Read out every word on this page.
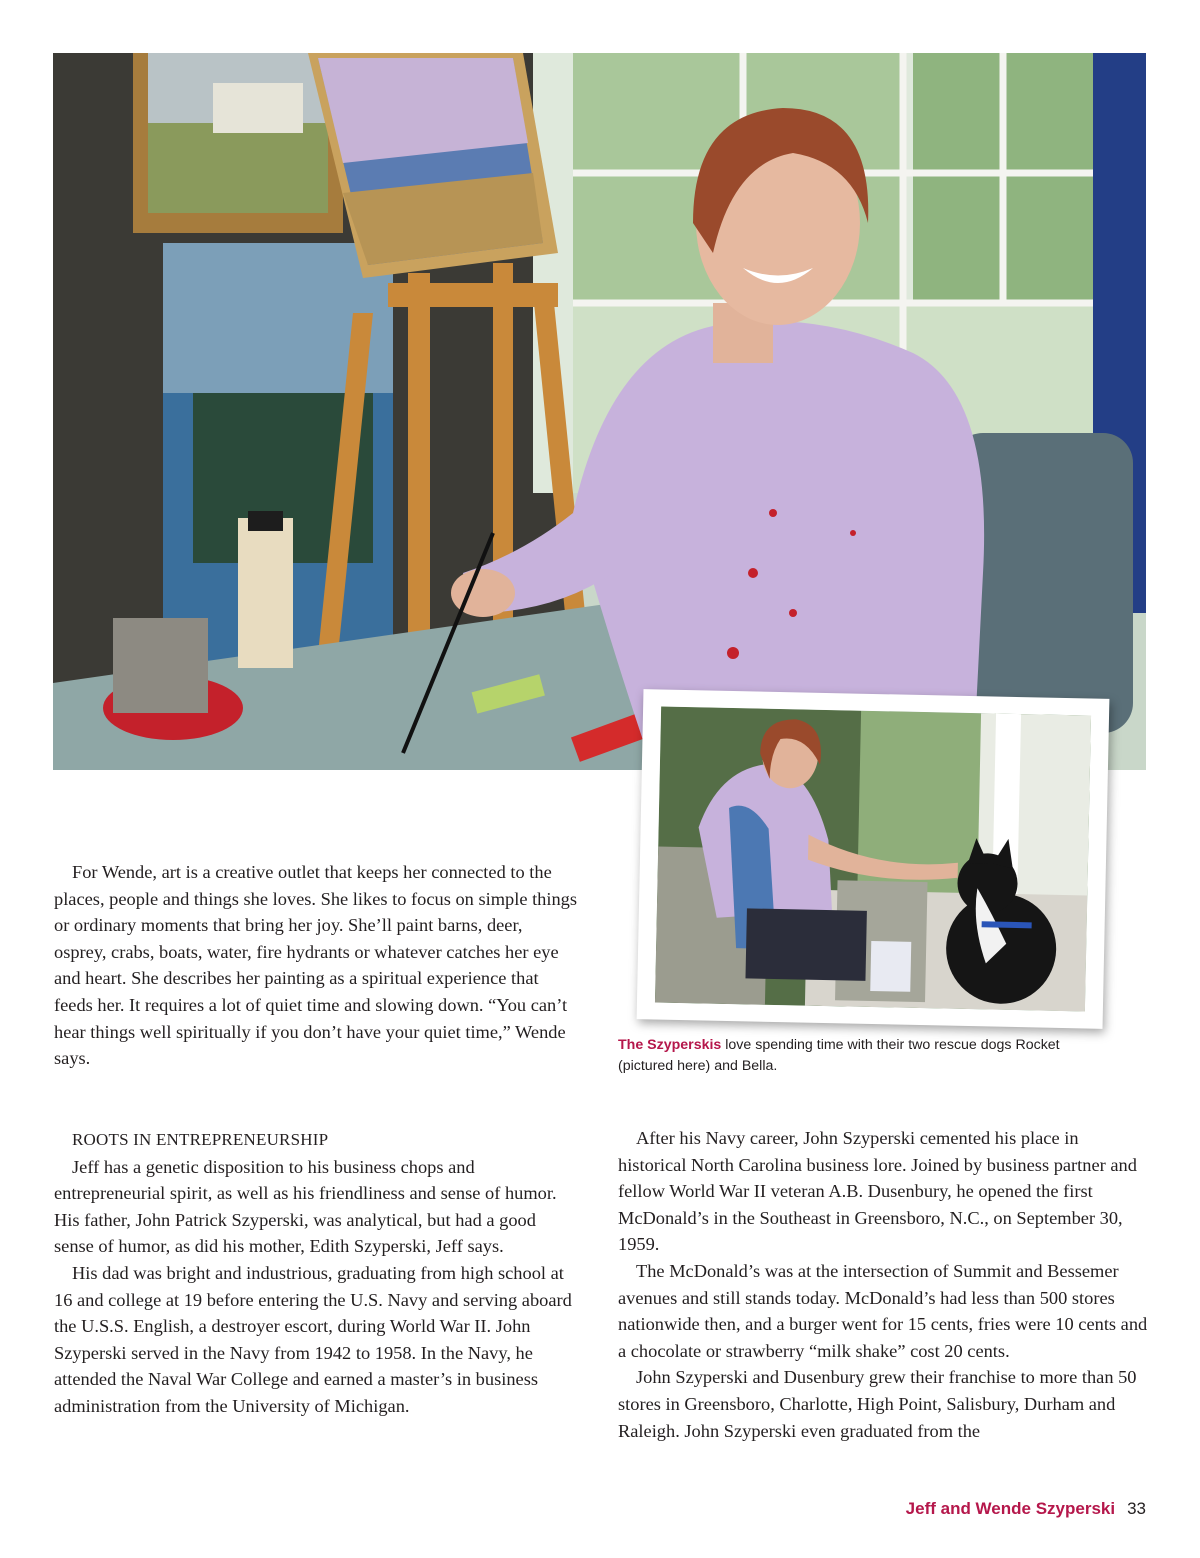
The Szyperskis love spending time with their two rescue dogs Rocket (pictured here) and Bella.

For Wende, art is a creative outlet that keeps her connected to the places, people and things she loves. She likes to focus on simple things or ordinary moments that bring her joy. She’ll paint barns, deer, osprey, crabs, boats, water, fire hydrants or whatever catches her eye and heart. She describes her painting as a spiritual experience that feeds her. It requires a lot of quiet time and slowing down. “You can’t hear things well spiritually if you don’t have your quiet time,” Wende says.

ROOTS IN ENTREPRENEURSHIP

Jeff has a genetic disposition to his business chops and entrepreneurial spirit, as well as his friendliness and sense of humor. His father, John Patrick Szyperski, was analytical, but had a good sense of humor, as did his mother, Edith Szyperski, Jeff says.

His dad was bright and industrious, graduating from high school at 16 and college at 19 before entering the U.S. Navy and serving aboard the U.S.S. English, a destroyer escort, during World War II. John Szyperski served in the Navy from 1942 to 1958. In the Navy, he attended the Naval War College and earned a master’s in business administration from the University of Michigan.

After his Navy career, John Szyperski cemented his place in historical North Carolina business lore. Joined by business partner and fellow World War II veteran A.B. Dusenbury, he opened the first McDonald’s in the Southeast in Greensboro, N.C., on September 30, 1959.

The McDonald’s was at the intersection of Summit and Bessemer avenues and still stands today. McDonald’s had less than 500 stores nationwide then, and a burger went for 15 cents, fries were 10 cents and a chocolate or strawberry “milk shake” cost 20 cents.

John Szyperski and Dusenbury grew their franchise to more than 50 stores in Greensboro, Charlotte, High Point, Salisbury, Durham and Raleigh. John Szyperski even graduated from the

Jeff and Wende Szyperski 33
